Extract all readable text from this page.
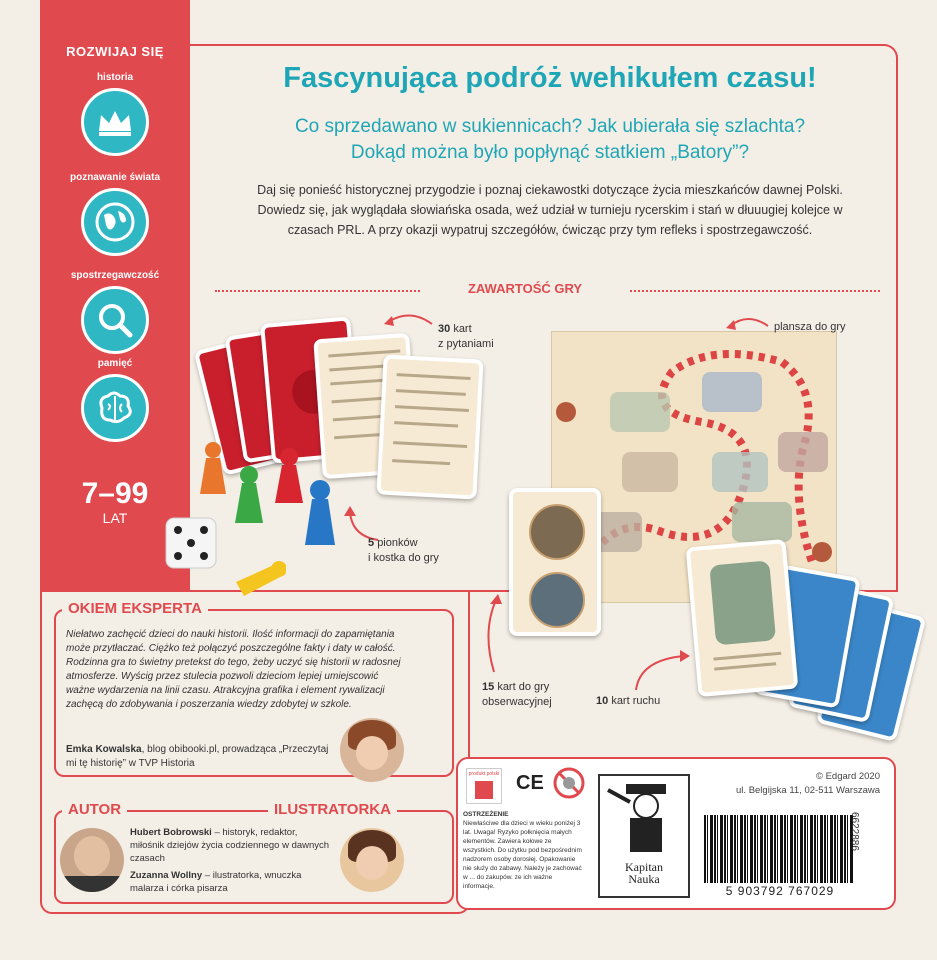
ROZWIJAJ SIĘ
historia
poznawanie świata
spostrzegawczość
pamięć
7–99
LAT
Fascynująca podróż wehikułem czasu!
Co sprzedawano w sukiennicach? Jak ubierała się szlachta?
Dokąd można było popłynąć statkiem „Batory”?
Daj się ponieść historycznej przygodzie i poznaj ciekawostki dotyczące życia mieszkańców dawnej Polski. Dowiedz się, jak wyglądała słowiańska osada, weź udział w turnieju rycerskim i stań w dłuuugiej kolejce w czasach PRL. A przy okazji wypatruj szczegółów, ćwicząc przy tym refleks i spostrzegawczość.
ZAWARTOŚĆ GRY
30 kart
z pytaniami
plansza do gry
5 pionków
i kostka do gry
15 kart do gry
obserwacyjnej	10 kart ruchu
OKIEM EKSPERTA
Niełatwo zachęcić dzieci do nauki historii. Ilość informacji do zapamiętania może przytłaczać. Ciężko też połączyć poszczególne fakty i daty w całość. Rodzinna gra to świetny pretekst do tego, żeby uczyć się historii w radosnej atmosferze. Wyścig przez stulecia pozwoli dzieciom lepiej umiejscowić ważne wydarzenia na linii czasu. Atrakcyjna grafika i element rywalizacji zachęcą do zdobywania i poszerzania wiedzy zdobytej w szkole.
Emka Kowalska, blog obibooki.pl, prowadząca „Przeczytaj mi tę historię” w TVP Historia
AUTOR	ILUSTRATORKA
Hubert Bobrowski – historyk, redaktor, miłośnik dziejów życia codziennego w dawnych czasach
Zuzanna Wollny – ilustratorka, wnuczka malarza i córka pisarza
produkt polski CE
OSTRZEŻENIE
Niewłaściwe dla dzieci w wieku poniżej 3 lat. Uwaga! Ryzyko połknięcia małych elementów. Zawiera kołowe ze wszystkich. Do użytku pod bezpośrednim nadzorem osoby dorosłej. Opakowanie nie służy do zabawy. Należy je zachować w ... do zakupów. ze ich ważne informacje.
Kapitan
Nauka
© Edgard 2020
ul. Belgijska 11, 02-511 Warszawa
5 903792 767029
6622886
